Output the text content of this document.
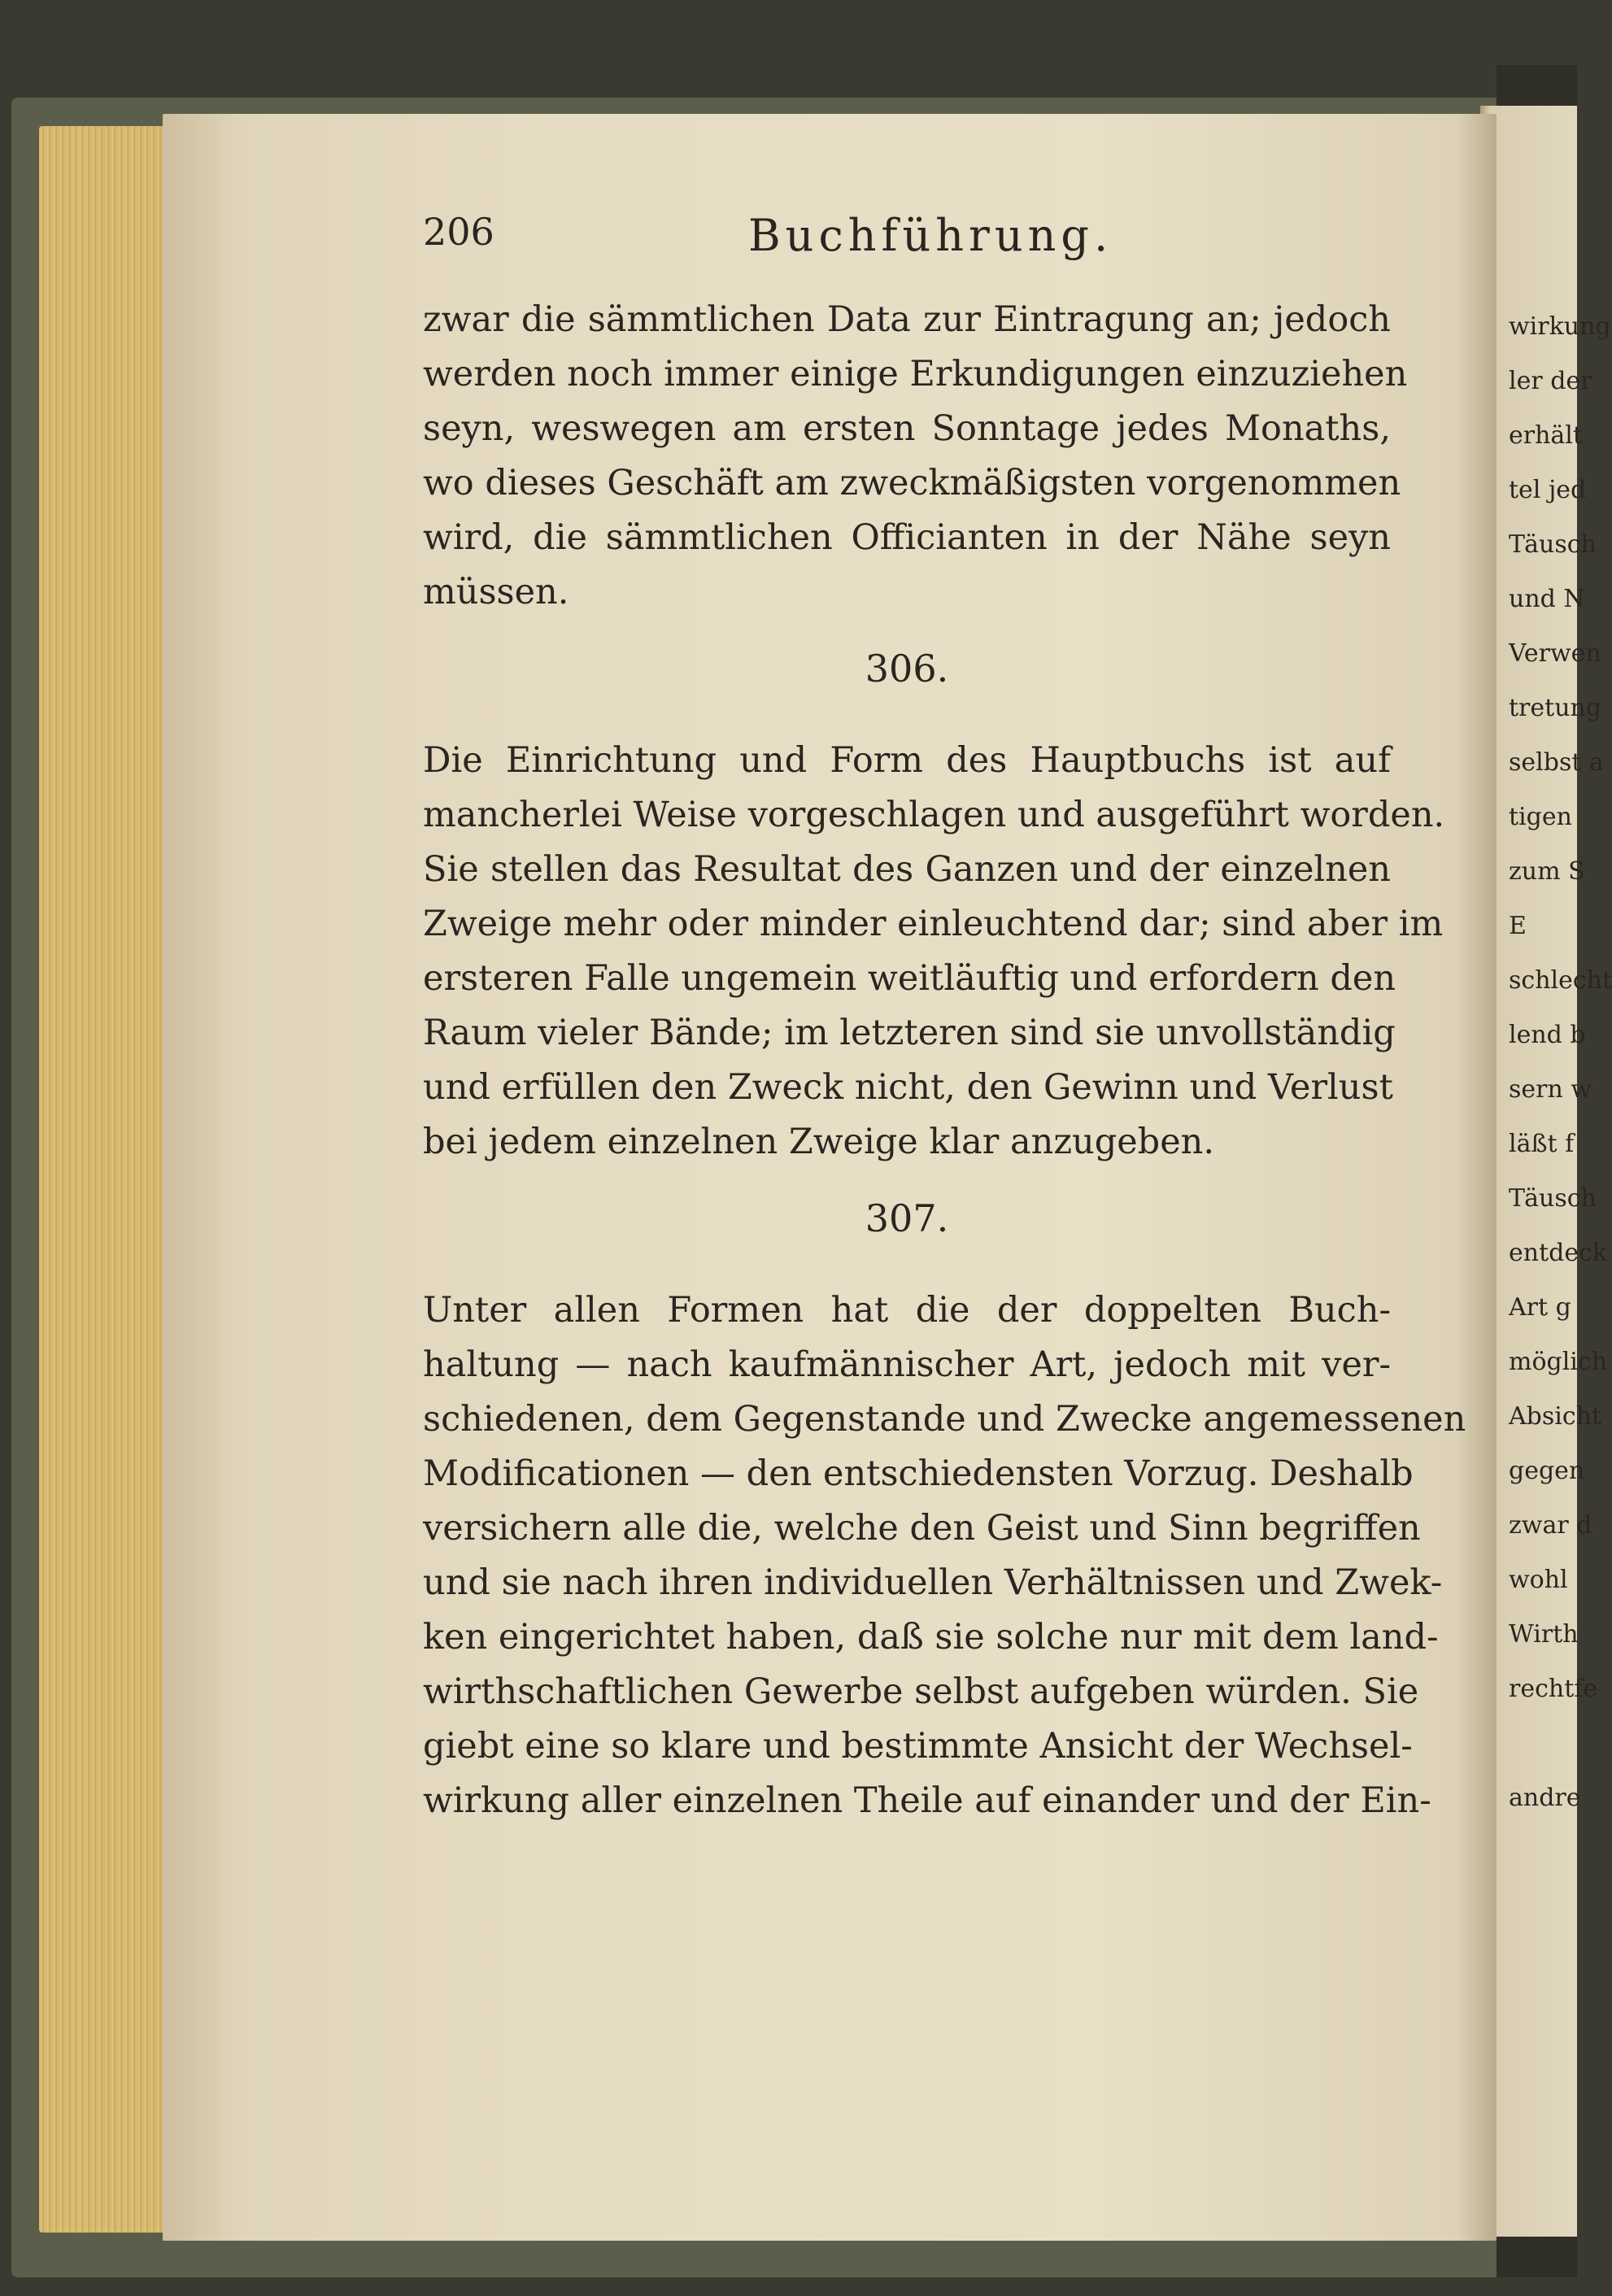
206	Buchführung.
zwar die sämmtlichen Data zur Eintragung an; jedoch
werden noch immer einige Erkundigungen einzuziehen
seyn, weswegen am ersten Sonntage jedes Monaths,
wo dieses Geschäft am zweckmäßigsten vorgenommen
wird, die sämmtlichen Officianten in der Nähe seyn
müssen.
306.
Die Einrichtung und Form des Hauptbuchs ist auf
mancherlei Weise vorgeschlagen und ausgeführt worden.
Sie stellen das Resultat des Ganzen und der einzelnen
Zweige mehr oder minder einleuchtend dar; sind aber im
ersteren Falle ungemein weitläuftig und erfordern den
Raum vieler Bände; im letzteren sind sie unvollständig
und erfüllen den Zweck nicht, den Gewinn und Verlust
bei jedem einzelnen Zweige klar anzugeben.
307.
Unter allen Formen hat die der doppelten Buch-
haltung — nach kaufmännischer Art, jedoch mit ver-
schiedenen, dem Gegenstande und Zwecke angemessenen
Modificationen — den entschiedensten Vorzug. Deshalb
versichern alle die, welche den Geist und Sinn begriffen
und sie nach ihren individuellen Verhältnissen und Zwek-
ken eingerichtet haben, daß sie solche nur mit dem land-
wirthschaftlichen Gewerbe selbst aufgeben würden. Sie
giebt eine so klare und bestimmte Ansicht der Wechsel-
wirkung aller einzelnen Theile auf einander und der Ein-
wirkung
ler der
erhält
tel jed
Täusch
und N
Verwen
tretung
selbst a
tigen
zum S
E
schlecht
lend b
sern w
läßt f
Täusch
entdeck
Art g
möglich
Absicht
gegen
zwar d
wohl
Wirth
rechtfe
andre
